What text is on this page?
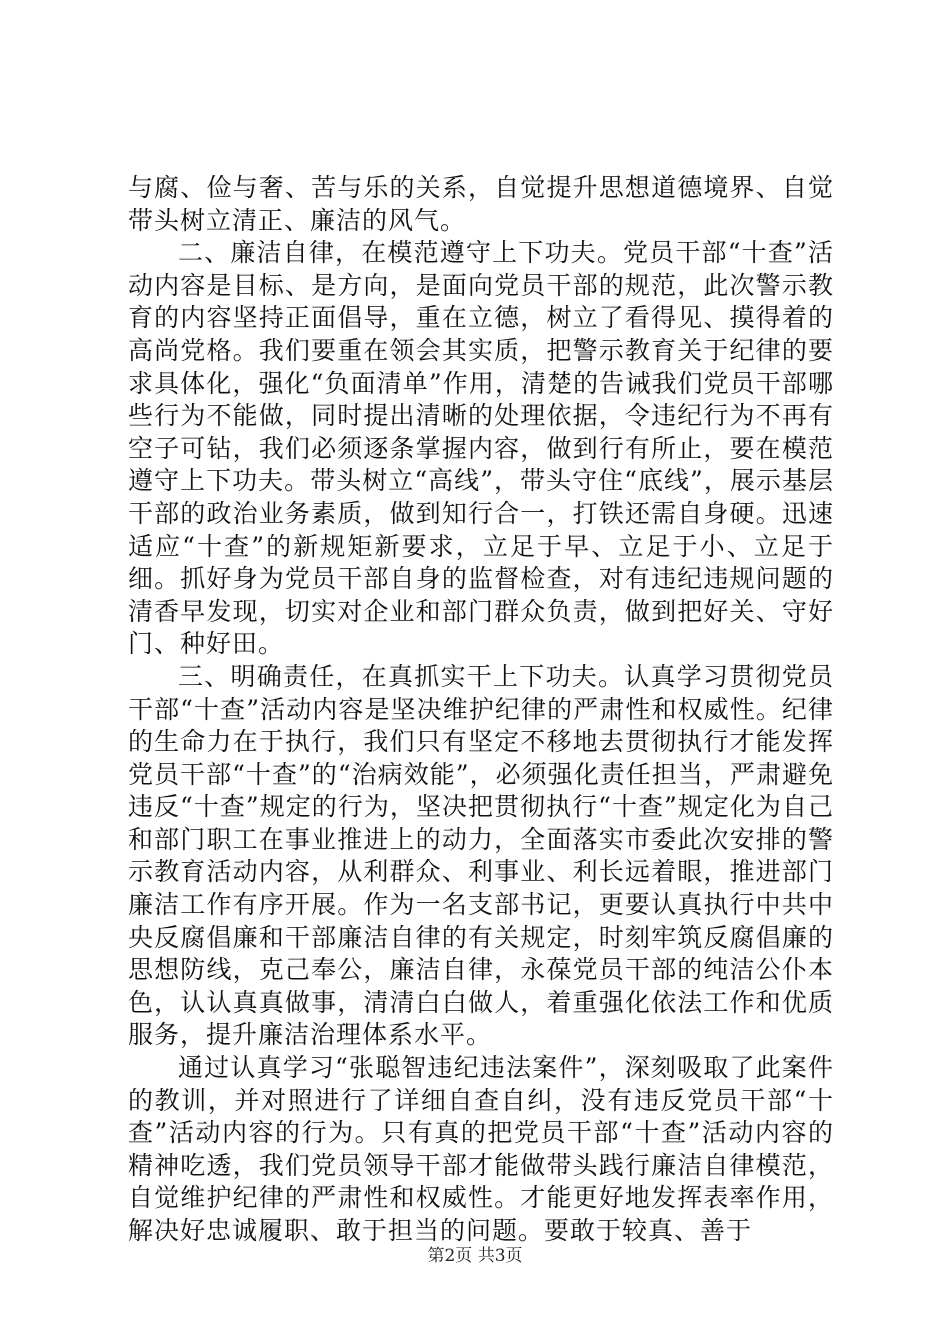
与腐、俭与奢、苦与乐的关系，自觉提升思想道德境界、自觉带头树立清正、廉洁的风气。

二、廉洁自律，在模范遵守上下功夫。党员干部“十查”活动内容是目标、是方向，是面向党员干部的规范，此次警示教育的内容坚持正面倡导，重在立德，树立了看得见、摸得着的高尚党格。我们要重在领会其实质，把警示教育关于纪律的要求具体化，强化“负面清单”作用，清楚的告诫我们党员干部哪些行为不能做，同时提出清晰的处理依据，令违纪行为不再有空子可钻，我们必须逐条掌握内容，做到行有所止，要在模范遵守上下功夫。带头树立“高线”，带头守住“底线”，展示基层干部的政治业务素质，做到知行合一，打铁还需自身硬。迅速适应“十查”的新规矩新要求，立足于早、立足于小、立足于细。抓好身为党员干部自身的监督检查，对有违纪违规问题的清香早发现，切实对企业和部门群众负责，做到把好关、守好门、种好田。

三、明确责任，在真抓实干上下功夫。认真学习贯彻党员干部“十查”活动内容是坚决维护纪律的严肃性和权威性。纪律的生命力在于执行，我们只有坚定不移地去贯彻执行才能发挥党员干部“十查”的“治病效能”，必须强化责任担当，严肃避免违反“十查”规定的行为，坚决把贯彻执行“十查”规定化为自己和部门职工在事业推进上的动力，全面落实市委此次安排的警示教育活动内容，从利群众、利事业、利长远着眼，推进部门廉洁工作有序开展。作为一名支部书记，更要认真执行中共中央反腐倡廉和干部廉洁自律的有关规定，时刻牢筑反腐倡廉的思想防线，克己奉公，廉洁自律，永葆党员干部的纯洁公仆本色，认认真真做事，清清白白做人，着重强化依法工作和优质服务，提升廉洁治理体系水平。

通过认真学习“张聪智违纪违法案件”，深刻吸取了此案件的教训，并对照进行了详细自查自纠，没有违反党员干部“十查”活动内容的行为。只有真的把党员干部“十查”活动内容的精神吃透，我们党员领导干部才能做带头践行廉洁自律模范，自觉维护纪律的严肃性和权威性。才能更好地发挥表率作用，解决好忠诚履职、敢于担当的问题。要敢于较真、善于

第2页 共3页
